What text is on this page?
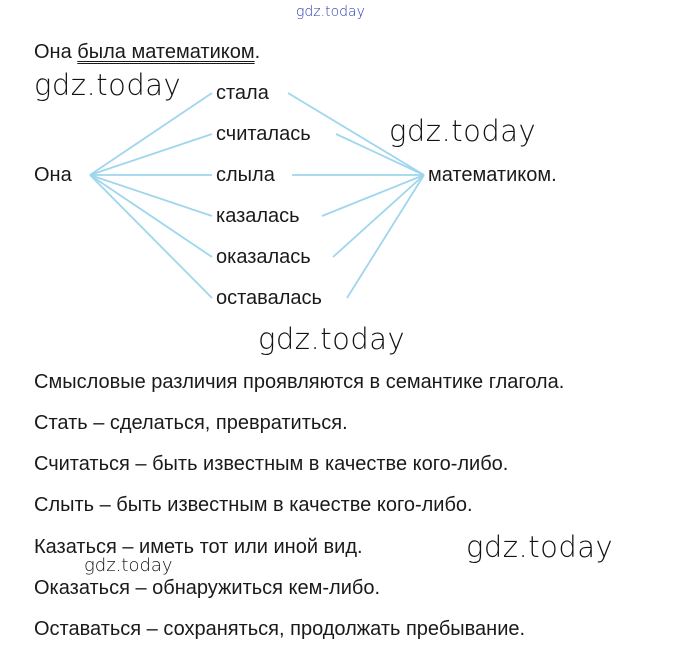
gdz.today
Она была математиком.
Она	математиком.
стала
считалась
слыла
казалась
оказалась
оставалась
gdz.today
gdz.today
gdz.today
gdz.today
gdz.today
Смысловые различия проявляются в семантике глагола.
Стать – сделаться, превратиться.
Считаться – быть известным в качестве кого-либо.
Слыть – быть известным в качестве кого-либо.
Казаться – иметь тот или иной вид.
Оказаться – обнаружиться кем-либо.
Оставаться – сохраняться, продолжать пребывание.
